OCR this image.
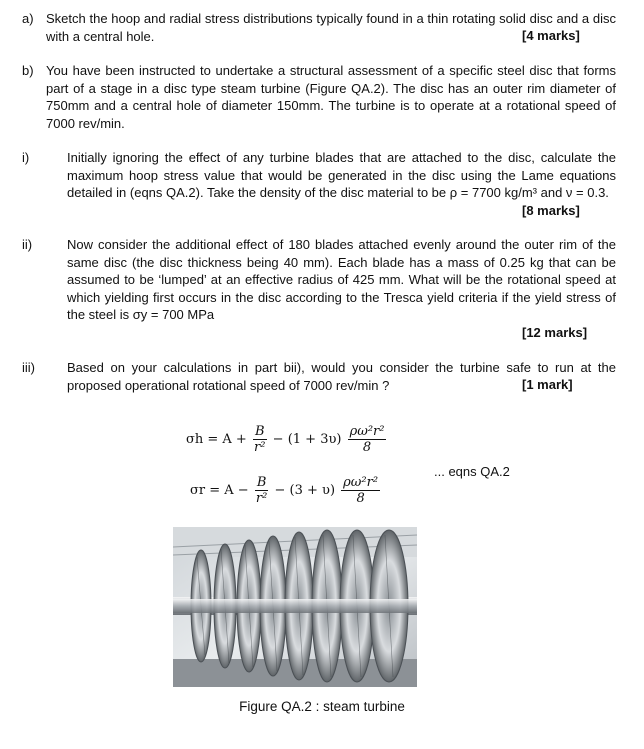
a) Sketch the hoop and radial stress distributions typically found in a thin rotating solid disc and a disc with a central hole.	[4 marks]
b) You have been instructed to undertake a structural assessment of a specific steel disc that forms part of a stage in a disc type steam turbine (Figure QA.2). The disc has an outer rim diameter of 750mm and a central hole of diameter 150mm. The turbine is to operate at a rotational speed of 7000 rev/min.
i)	Initially ignoring the effect of any turbine blades that are attached to the disc, calculate the maximum hoop stress value that would be generated in the disc using the Lame equations detailed in (eqns QA.2). Take the density of the disc material to be ρ = 7700 kg/m³ and ν = 0.3.
[8 marks]
ii)	Now consider the additional effect of 180 blades attached evenly around the outer rim of the same disc (the disc thickness being 40 mm). Each blade has a mass of 0.25 kg that can be assumed to be ‘lumped’ at an effective radius of 425 mm. What will be the rotational speed at which yielding first occurs in the disc according to the Tresca yield criteria if the yield stress of the steel is σy = 700 MPa
[12 marks]
iii) Based on your calculations in part bii), would you consider the turbine safe to run at the proposed operational rotational speed of 7000 rev/min ?	[1 mark]
$\sigma h = A + \frac{B}{\text{r²}} - (1 + 3\upsilon) \frac{\text{ρω²r²}}{8}$
$\sigma r = A - \frac{B}{\text{r²}} - (3 + \upsilon) \frac{\text{ρω²r²}}{8}$
... eqns QA.2
Figure QA.2 : steam turbine
